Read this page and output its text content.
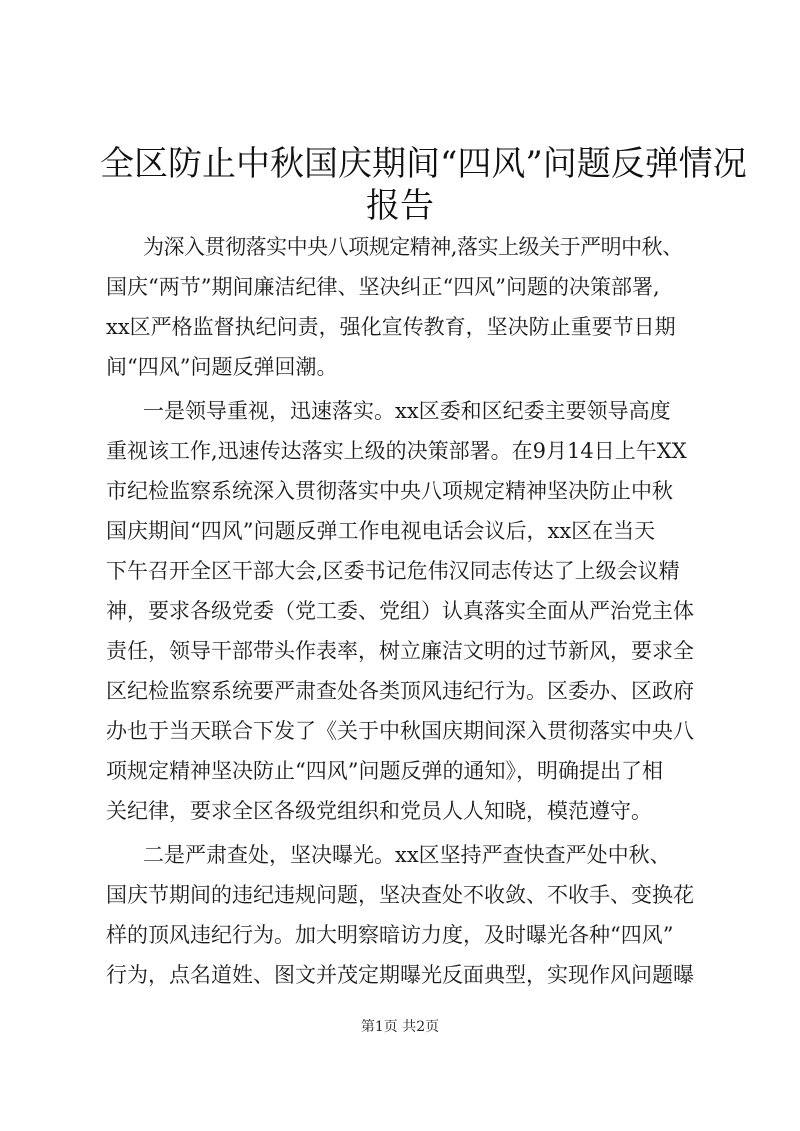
全区防止中秋国庆期间“四风”问题反弹情况
报告
为深入贯彻落实中央八项规定精神,落实上级关于严明中秋、
国庆“两节”期间廉洁纪律、坚决纠正“四风”问题的决策部署,
xx区严格监督执纪问责，强化宣传教育，坚决防止重要节日期
间“四风”问题反弹回潮。
一是领导重视，迅速落实。xx区委和区纪委主要领导高度
重视该工作,迅速传达落实上级的决策部署。在9月14日上午XX
市纪检监察系统深入贯彻落实中央八项规定精神坚决防止中秋
国庆期间“四风”问题反弹工作电视电话会议后，xx区在当天
下午召开全区干部大会,区委书记危伟汉同志传达了上级会议精
神，要求各级党委（党工委、党组）认真落实全面从严治党主体
责任，领导干部带头作表率，树立廉洁文明的过节新风，要求全
区纪检监察系统要严肃查处各类顶风违纪行为。区委办、区政府
办也于当天联合下发了《关于中秋国庆期间深入贯彻落实中央八
项规定精神坚决防止“四风”问题反弹的通知》，明确提出了相
关纪律，要求全区各级党组织和党员人人知晓，模范遵守。
二是严肃查处，坚决曝光。xx区坚持严查快查严处中秋、
国庆节期间的违纪违规问题，坚决查处不收敛、不收手、变换花
样的顶风违纪行为。加大明察暗访力度，及时曝光各种“四风”
行为，点名道姓、图文并茂定期曝光反面典型，实现作风问题曝
第1页 共2页
